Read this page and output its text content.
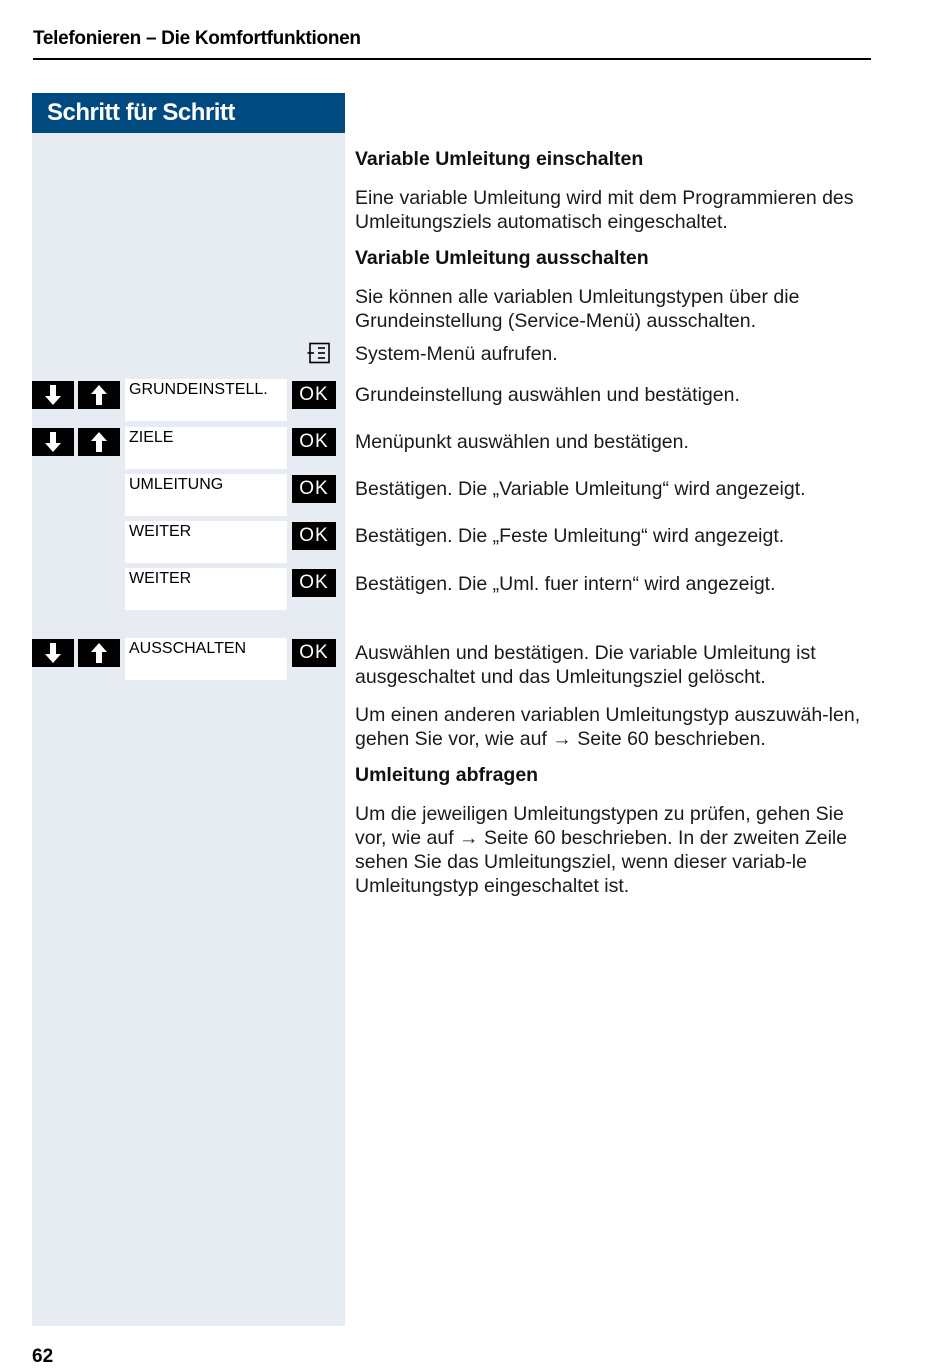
Telefonieren – Die Komfortfunktionen
Schritt für Schritt
Variable Umleitung einschalten
Eine variable Umleitung wird mit dem Programmieren des Umleitungsziels automatisch eingeschaltet.
Variable Umleitung ausschalten
Sie können alle variablen Umleitungstypen über die Grundeinstellung (Service-Menü) ausschalten.
System-Menü aufrufen.
GRUNDEINSTELL.	OK	Grundeinstellung auswählen und bestätigen.
ZIELE	OK	Menüpunkt auswählen und bestätigen.
UMLEITUNG	OK	Bestätigen. Die „Variable Umleitung“ wird angezeigt.
WEITER	OK	Bestätigen. Die „Feste Umleitung“ wird angezeigt.
WEITER	OK	Bestätigen. Die „Uml. fuer intern“ wird angezeigt.
AUSSCHALTEN	OK	Auswählen und bestätigen. Die variable Umleitung ist ausgeschaltet und das Umleitungsziel gelöscht.
Um einen anderen variablen Umleitungstyp auszuwäh-len, gehen Sie vor, wie auf → Seite 60 beschrieben.
Umleitung abfragen
Um die jeweiligen Umleitungstypen zu prüfen, gehen Sie vor, wie auf → Seite 60 beschrieben. In der zweiten Zeile sehen Sie das Umleitungsziel, wenn dieser variab-le Umleitungstyp eingeschaltet ist.
62
